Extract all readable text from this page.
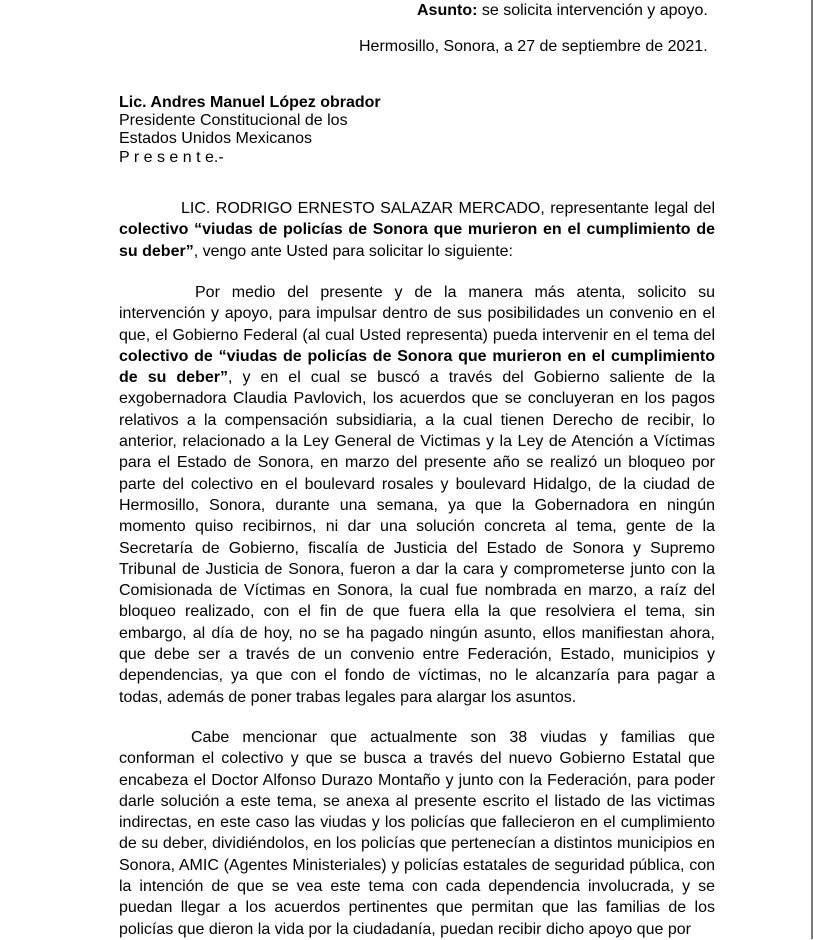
Asunto: se solicita intervención y apoyo.
Hermosillo, Sonora, a 27 de septiembre de 2021.
Lic. Andres Manuel López obrador
Presidente Constitucional de los
Estados Unidos Mexicanos
P r e s e n t e.-
LIC. RODRIGO ERNESTO SALAZAR MERCADO, representante legal del colectivo “viudas de policías de Sonora que murieron en el cumplimiento de su deber”, vengo ante Usted para solicitar lo siguiente:
Por medio del presente y de la manera más atenta, solicito su intervención y apoyo, para impulsar dentro de sus posibilidades un convenio en el que, el Gobierno Federal (al cual Usted representa) pueda intervenir en el tema del colectivo de “viudas de policías de Sonora que murieron en el cumplimiento de su deber”, y en el cual se buscó a través del Gobierno saliente de la exgobernadora Claudia Pavlovich, los acuerdos que se concluyeran en los pagos relativos a la compensación subsidiaria, a la cual tienen Derecho de recibir, lo anterior, relacionado a la Ley General de Victimas y la Ley de Atención a Víctimas para el Estado de Sonora, en marzo del presente año se realizó un bloqueo por parte del colectivo en el boulevard rosales y boulevard Hidalgo, de la ciudad de Hermosillo, Sonora, durante una semana, ya que la Gobernadora en ningún momento quiso recibirnos, ni dar una solución concreta al tema, gente de la Secretaría de Gobierno, fiscalía de Justicia del Estado de Sonora y Supremo Tribunal de Justicia de Sonora, fueron a dar la cara y comprometerse junto con la Comisionada de Víctimas en Sonora, la cual fue nombrada en marzo, a raíz del bloqueo realizado, con el fin de que fuera ella la que resolviera el tema, sin embargo, al día de hoy, no se ha pagado ningún asunto, ellos manifiestan ahora, que debe ser a través de un convenio entre Federación, Estado, municipios y dependencias, ya que con el fondo de víctimas, no le alcanzaría para pagar a todas, además de poner trabas legales para alargar los asuntos.
Cabe mencionar que actualmente son 38 viudas y familias que conforman el colectivo y que se busca a través del nuevo Gobierno Estatal que encabeza el Doctor Alfonso Durazo Montaño y junto con la Federación, para poder darle solución a este tema, se anexa al presente escrito el listado de las victimas indirectas, en este caso las viudas y los policías que fallecieron en el cumplimiento de su deber, dividiéndolos, en los policías que pertenecían a distintos municipios en Sonora, AMIC (Agentes Ministeriales) y policías estatales de seguridad pública, con la intención de que se vea este tema con cada dependencia involucrada, y se puedan llegar a los acuerdos pertinentes que permitan que las familias de los policías que dieron la vida por la ciudadanía, puedan recibir dicho apoyo que por
